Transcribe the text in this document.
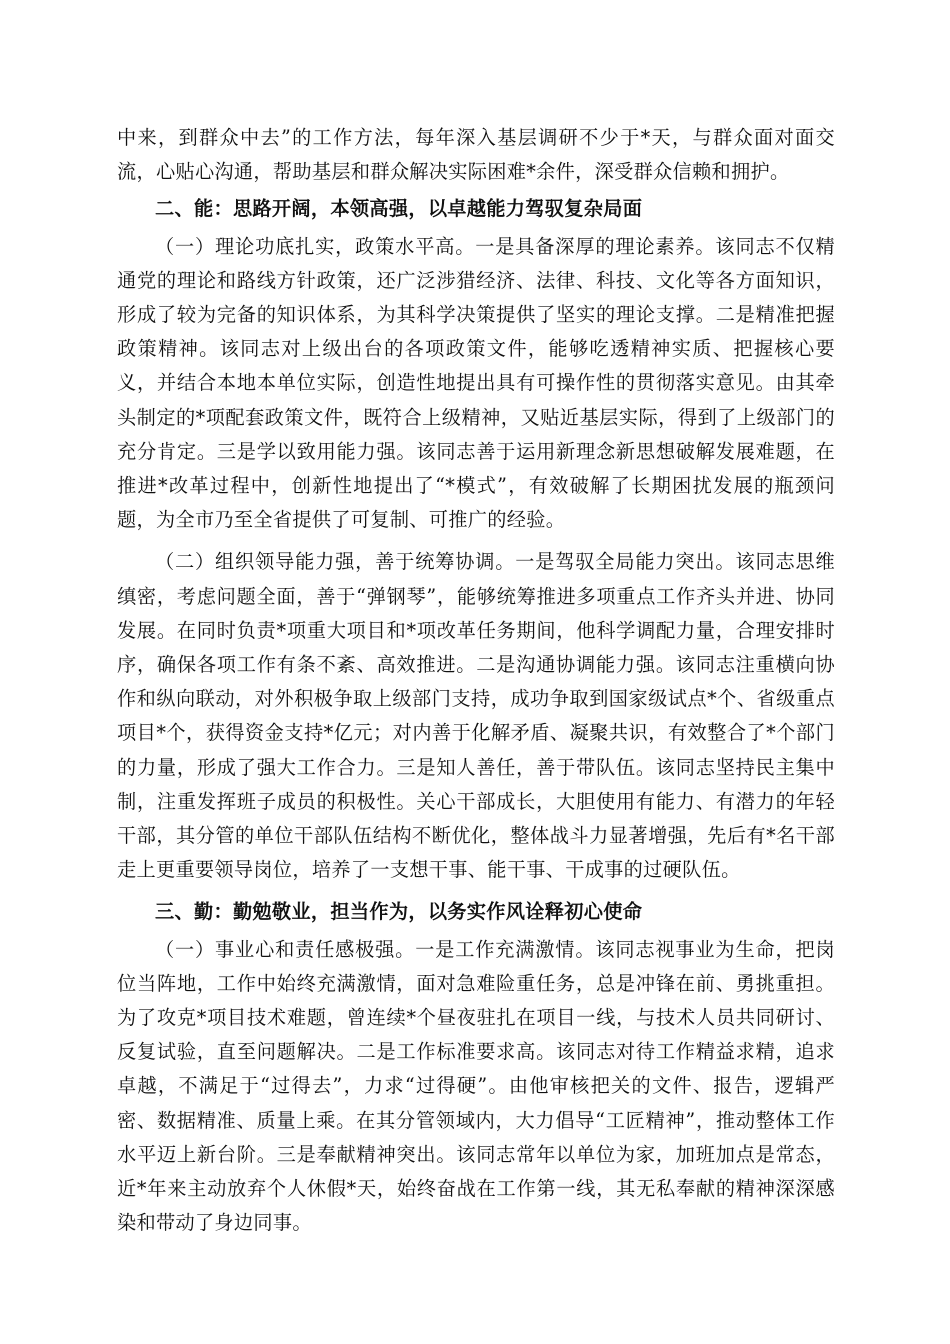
中来，到群众中去”的工作方法，每年深入基层调研不少于*天，与群众面对面交流，心贴心沟通，帮助基层和群众解决实际困难*余件，深受群众信赖和拥护。

二、能：思路开阔，本领高强，以卓越能力驾驭复杂局面

（一）理论功底扎实，政策水平高。一是具备深厚的理论素养。该同志不仅精通党的理论和路线方针政策，还广泛涉猎经济、法律、科技、文化等各方面知识，形成了较为完备的知识体系，为其科学决策提供了坚实的理论支撑。二是精准把握政策精神。该同志对上级出台的各项政策文件，能够吃透精神实质、把握核心要义，并结合本地本单位实际，创造性地提出具有可操作性的贯彻落实意见。由其牵头制定的*项配套政策文件，既符合上级精神，又贴近基层实际，得到了上级部门的充分肯定。三是学以致用能力强。该同志善于运用新理念新思想破解发展难题，在推进*改革过程中，创新性地提出了“*模式”，有效破解了长期困扰发展的瓶颈问题，为全市乃至全省提供了可复制、可推广的经验。

（二）组织领导能力强，善于统筹协调。一是驾驭全局能力突出。该同志思维缜密，考虑问题全面，善于“弹钢琴”，能够统筹推进多项重点工作齐头并进、协同发展。在同时负责*项重大项目和*项改革任务期间，他科学调配力量，合理安排时序，确保各项工作有条不紊、高效推进。二是沟通协调能力强。该同志注重横向协作和纵向联动，对外积极争取上级部门支持，成功争取到国家级试点*个、省级重点项目*个，获得资金支持*亿元；对内善于化解矛盾、凝聚共识，有效整合了*个部门的力量，形成了强大工作合力。三是知人善任，善于带队伍。该同志坚持民主集中制，注重发挥班子成员的积极性。关心干部成长，大胆使用有能力、有潜力的年轻干部，其分管的单位干部队伍结构不断优化，整体战斗力显著增强，先后有*名干部走上更重要领导岗位，培养了一支想干事、能干事、干成事的过硬队伍。

三、勤：勤勉敬业，担当作为，以务实作风诠释初心使命

（一）事业心和责任感极强。一是工作充满激情。该同志视事业为生命，把岗位当阵地，工作中始终充满激情，面对急难险重任务，总是冲锋在前、勇挑重担。为了攻克*项目技术难题，曾连续*个昼夜驻扎在项目一线，与技术人员共同研讨、反复试验，直至问题解决。二是工作标准要求高。该同志对待工作精益求精，追求卓越，不满足于“过得去”，力求“过得硬”。由他审核把关的文件、报告，逻辑严密、数据精准、质量上乘。在其分管领域内，大力倡导“工匠精神”，推动整体工作水平迈上新台阶。三是奉献精神突出。该同志常年以单位为家，加班加点是常态，近*年来主动放弃个人休假*天，始终奋战在工作第一线，其无私奉献的精神深深感染和带动了身边同事。
